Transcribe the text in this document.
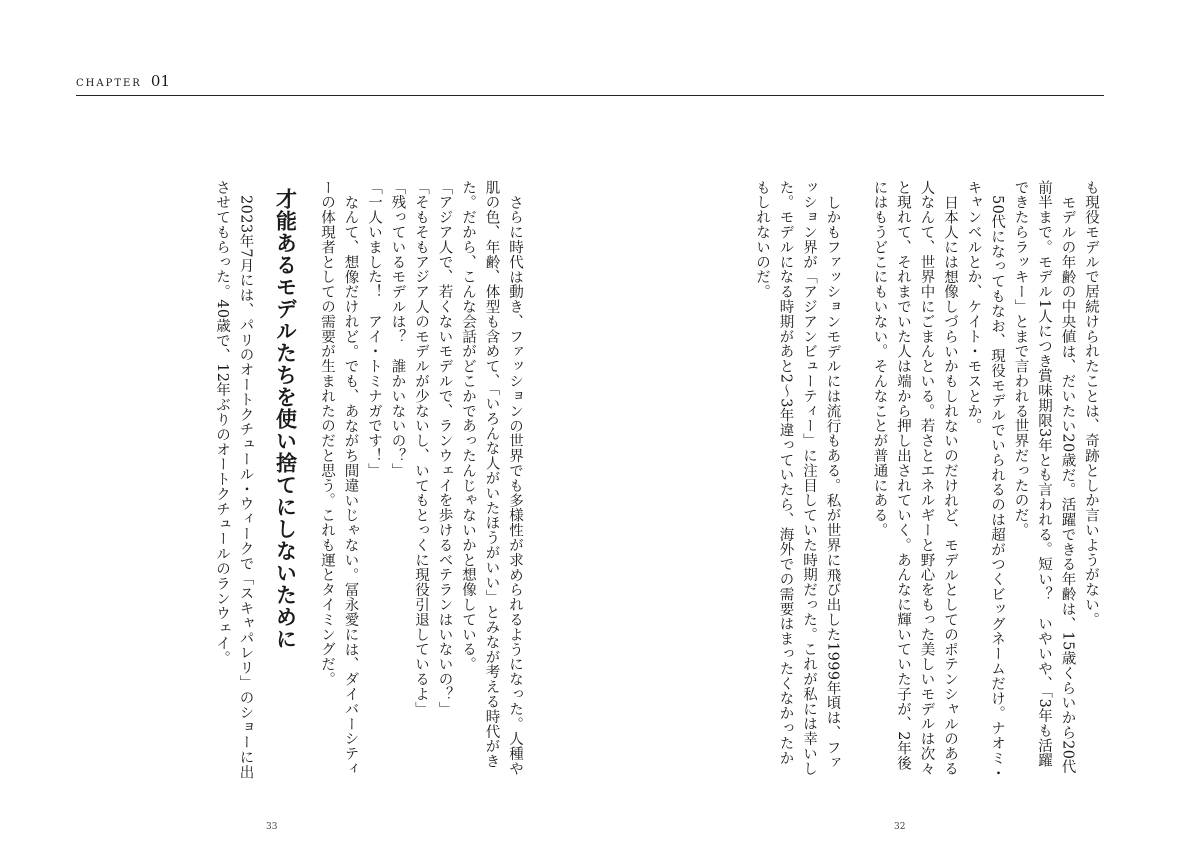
CHAPTER 01

も現役モデルで居続けられたことは、奇跡としか言いようがない。

モデルの年齢の中央値は、だいたい20歳だ。活躍できる年齢は、15歳くらいから20代前半まで。モデル1人につき賞味期限3年とも言われる。短い？　いやいや、「3年も活躍できたらラッキー」とまで言われる世界だったのだ。

50代になってもなお、現役モデルでいられるのは超がつくビッグネームだけ。ナオミ・キャンベルとか、ケイト・モスとか。

日本人には想像しづらいかもしれないのだけれど、モデルとしてのポテンシャルのある人なんて、世界中にごまんといる。若さとエネルギーと野心をもった美しいモデルは次々と現れて、それまでいた人は端から押し出されていく。あんなに輝いていた子が、2年後にはもうどこにもいない。そんなことが普通にある。

しかもファッションモデルには流行もある。私が世界に飛び出した1999年頃は、ファッション界が「アジアンビューティー」に注目していた時期だった。これが私には幸いした。モデルになる時期があと2〜3年違っていたら、海外での需要はまったくなかったかもしれないのだ。

さらに時代は動き、ファッションの世界でも多様性が求められるようになった。人種や肌の色、年齢、体型も含めて、「いろんな人がいたほうがいい」とみなが考える時代がきた。だから、こんな会話がどこかであったんじゃないかと想像している。

「アジア人で、若くないモデルで、ランウェイを歩けるベテランはいないの？」

「そもそもアジア人のモデルが少ないし、いてもとっくに現役引退しているよ」

「残っているモデルは？　誰かいないの？」

「一人いました！　アイ・トミナガです！」

なんて、想像だけれど。でも、あながち間違いじゃない。冨永愛には、ダイバーシティーの体現者としての需要が生まれたのだと思う。これも運とタイミングだ。

才能あるモデルたちを使い捨てにしないために

2023年7月には、パリのオートクチュール・ウィークで「スキャパレリ」のショーに出させてもらった。40歳で、12年ぶりのオートクチュールのランウェイ。

32
33
